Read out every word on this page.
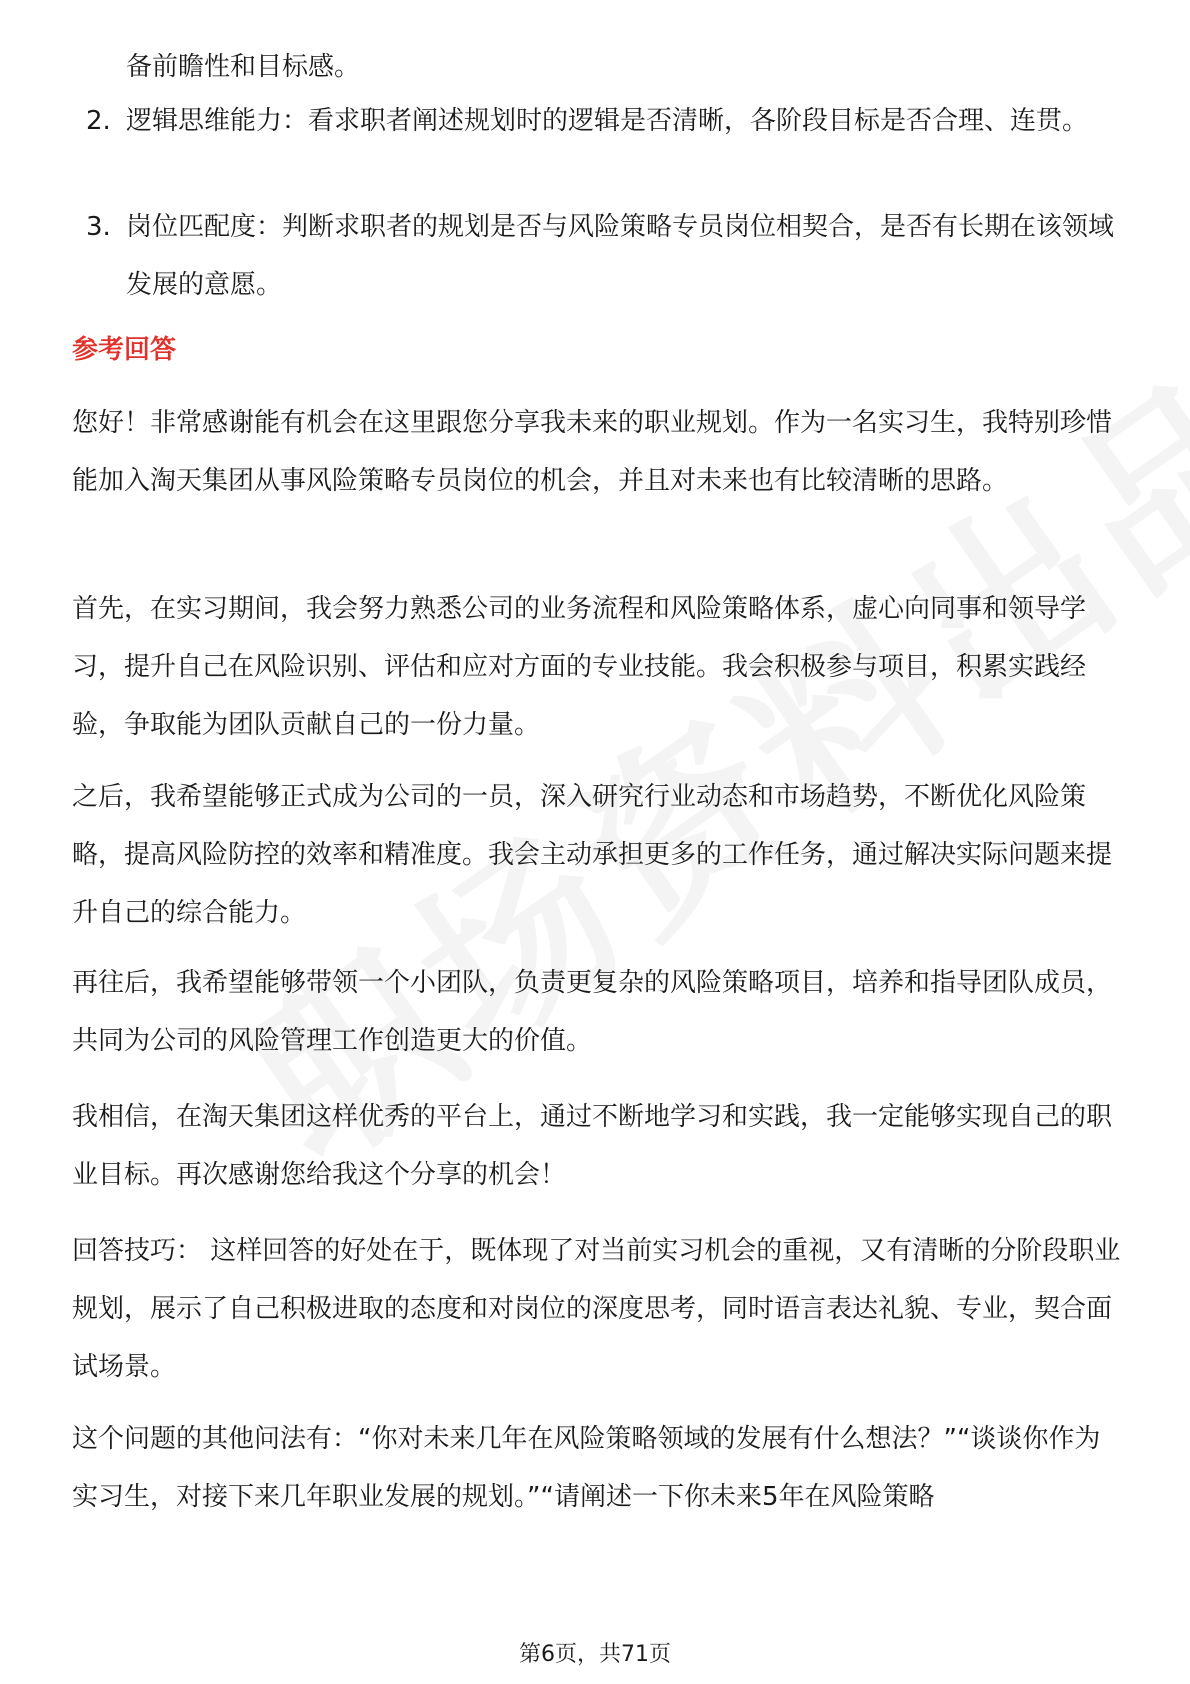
备前瞻性和目标感。

2. 逻辑思维能力：看求职者阐述规划时的逻辑是否清晰，各阶段目标是否合理、连贯。
3. 岗位匹配度：判断求职者的规划是否与风险策略专员岗位相契合，是否有长期在该领域发展的意愿。

参考回答

您好！非常感谢能有机会在这里跟您分享我未来的职业规划。作为一名实习生，我特别珍惜能加入淘天集团从事风险策略专员岗位的机会，并且对未来也有比较清晰的思路。

首先，在实习期间，我会努力熟悉公司的业务流程和风险策略体系，虚心向同事和领导学习，提升自己在风险识别、评估和应对方面的专业技能。我会积极参与项目，积累实践经验，争取能为团队贡献自己的一份力量。

之后，我希望能够正式成为公司的一员，深入研究行业动态和市场趋势，不断优化风险策略，提高风险防控的效率和精准度。我会主动承担更多的工作任务，通过解决实际问题来提升自己的综合能力。

再往后，我希望能够带领一个小团队，负责更复杂的风险策略项目，培养和指导团队成员，共同为公司的风险管理工作创造更大的价值。

我相信，在淘天集团这样优秀的平台上，通过不断地学习和实践，我一定能够实现自己的职业目标。再次感谢您给我这个分享的机会！

回答技巧： 这样回答的好处在于，既体现了对当前实习机会的重视，又有清晰的分阶段职业规划，展示了自己积极进取的态度和对岗位的深度思考，同时语言表达礼貌、专业，契合面试场景。

这个问题的其他问法有：“你对未来几年在风险策略领域的发展有什么想法？”“谈谈你作为实习生，对接下来几年职业发展的规划。”“请阐述一下你未来5年在风险策略

第6页，共71页
